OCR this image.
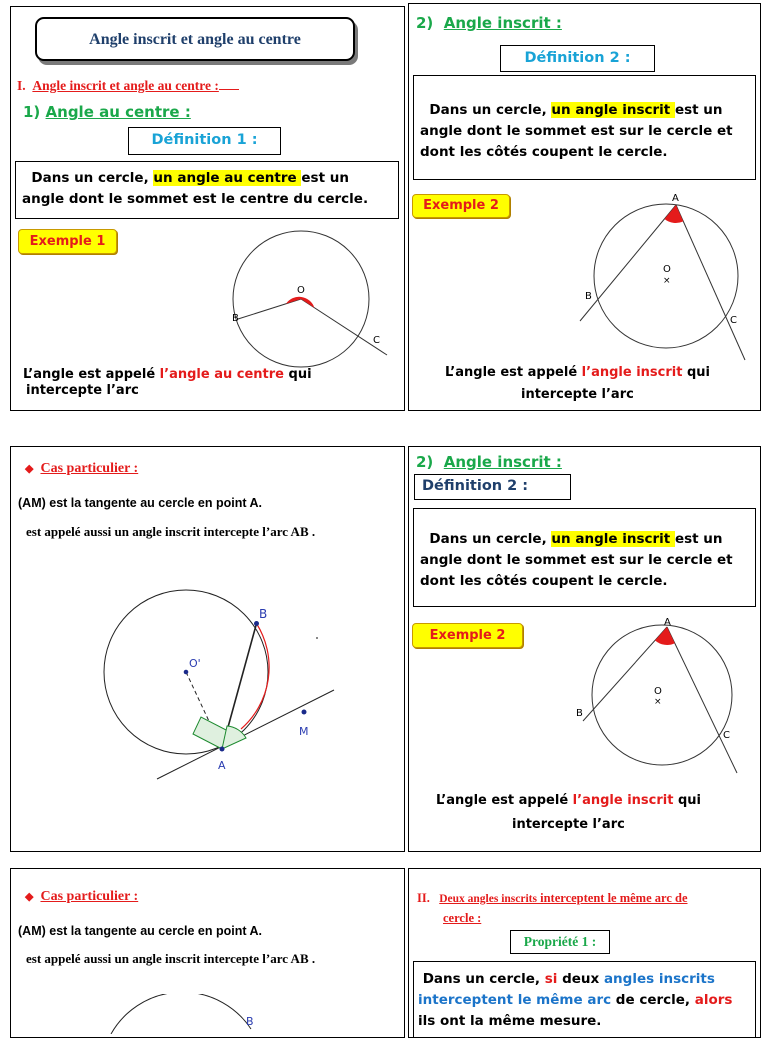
Angle inscrit et angle au centre
I. Angle inscrit et angle au centre :
1) Angle au centre :
Définition 1 :
Dans un cercle, un angle au centre est un
angle dont le sommet est le centre du cercle.
Exemple 1
O
B
C
L’angle est appelé l’angle au centre qui
intercepte l’arc
2) Angle inscrit :
Définition 2 :
Dans un cercle, un angle inscrit est un
angle dont le sommet est sur le cercle et
dont les côtés coupent le cercle.
Exemple 2	A
O
×
B
C
L’angle est appelé l’angle inscrit qui
intercepte l’arc
◆ Cas particulier :
(AM) est la tangente au cercle en point A.
est appelé aussi un angle inscrit intercepte l’arc AB .
B
O'
A
M
2) Angle inscrit :
Définition 2 :
Dans un cercle, un angle inscrit est un
angle dont le sommet est sur le cercle et
dont les côtés coupent le cercle.
Exemple 2
A
O
×
B
C
L’angle est appelé l’angle inscrit qui
intercepte l’arc
◆ Cas particulier :
(AM) est la tangente au cercle en point A.
est appelé aussi un angle inscrit intercepte l’arc AB .
B
II. Deux angles inscrits interceptent le même arc de
cercle :
Propriété 1 :
Dans un cercle, si deux angles inscrits
interceptent le même arc de cercle, alors
ils ont la même mesure.
